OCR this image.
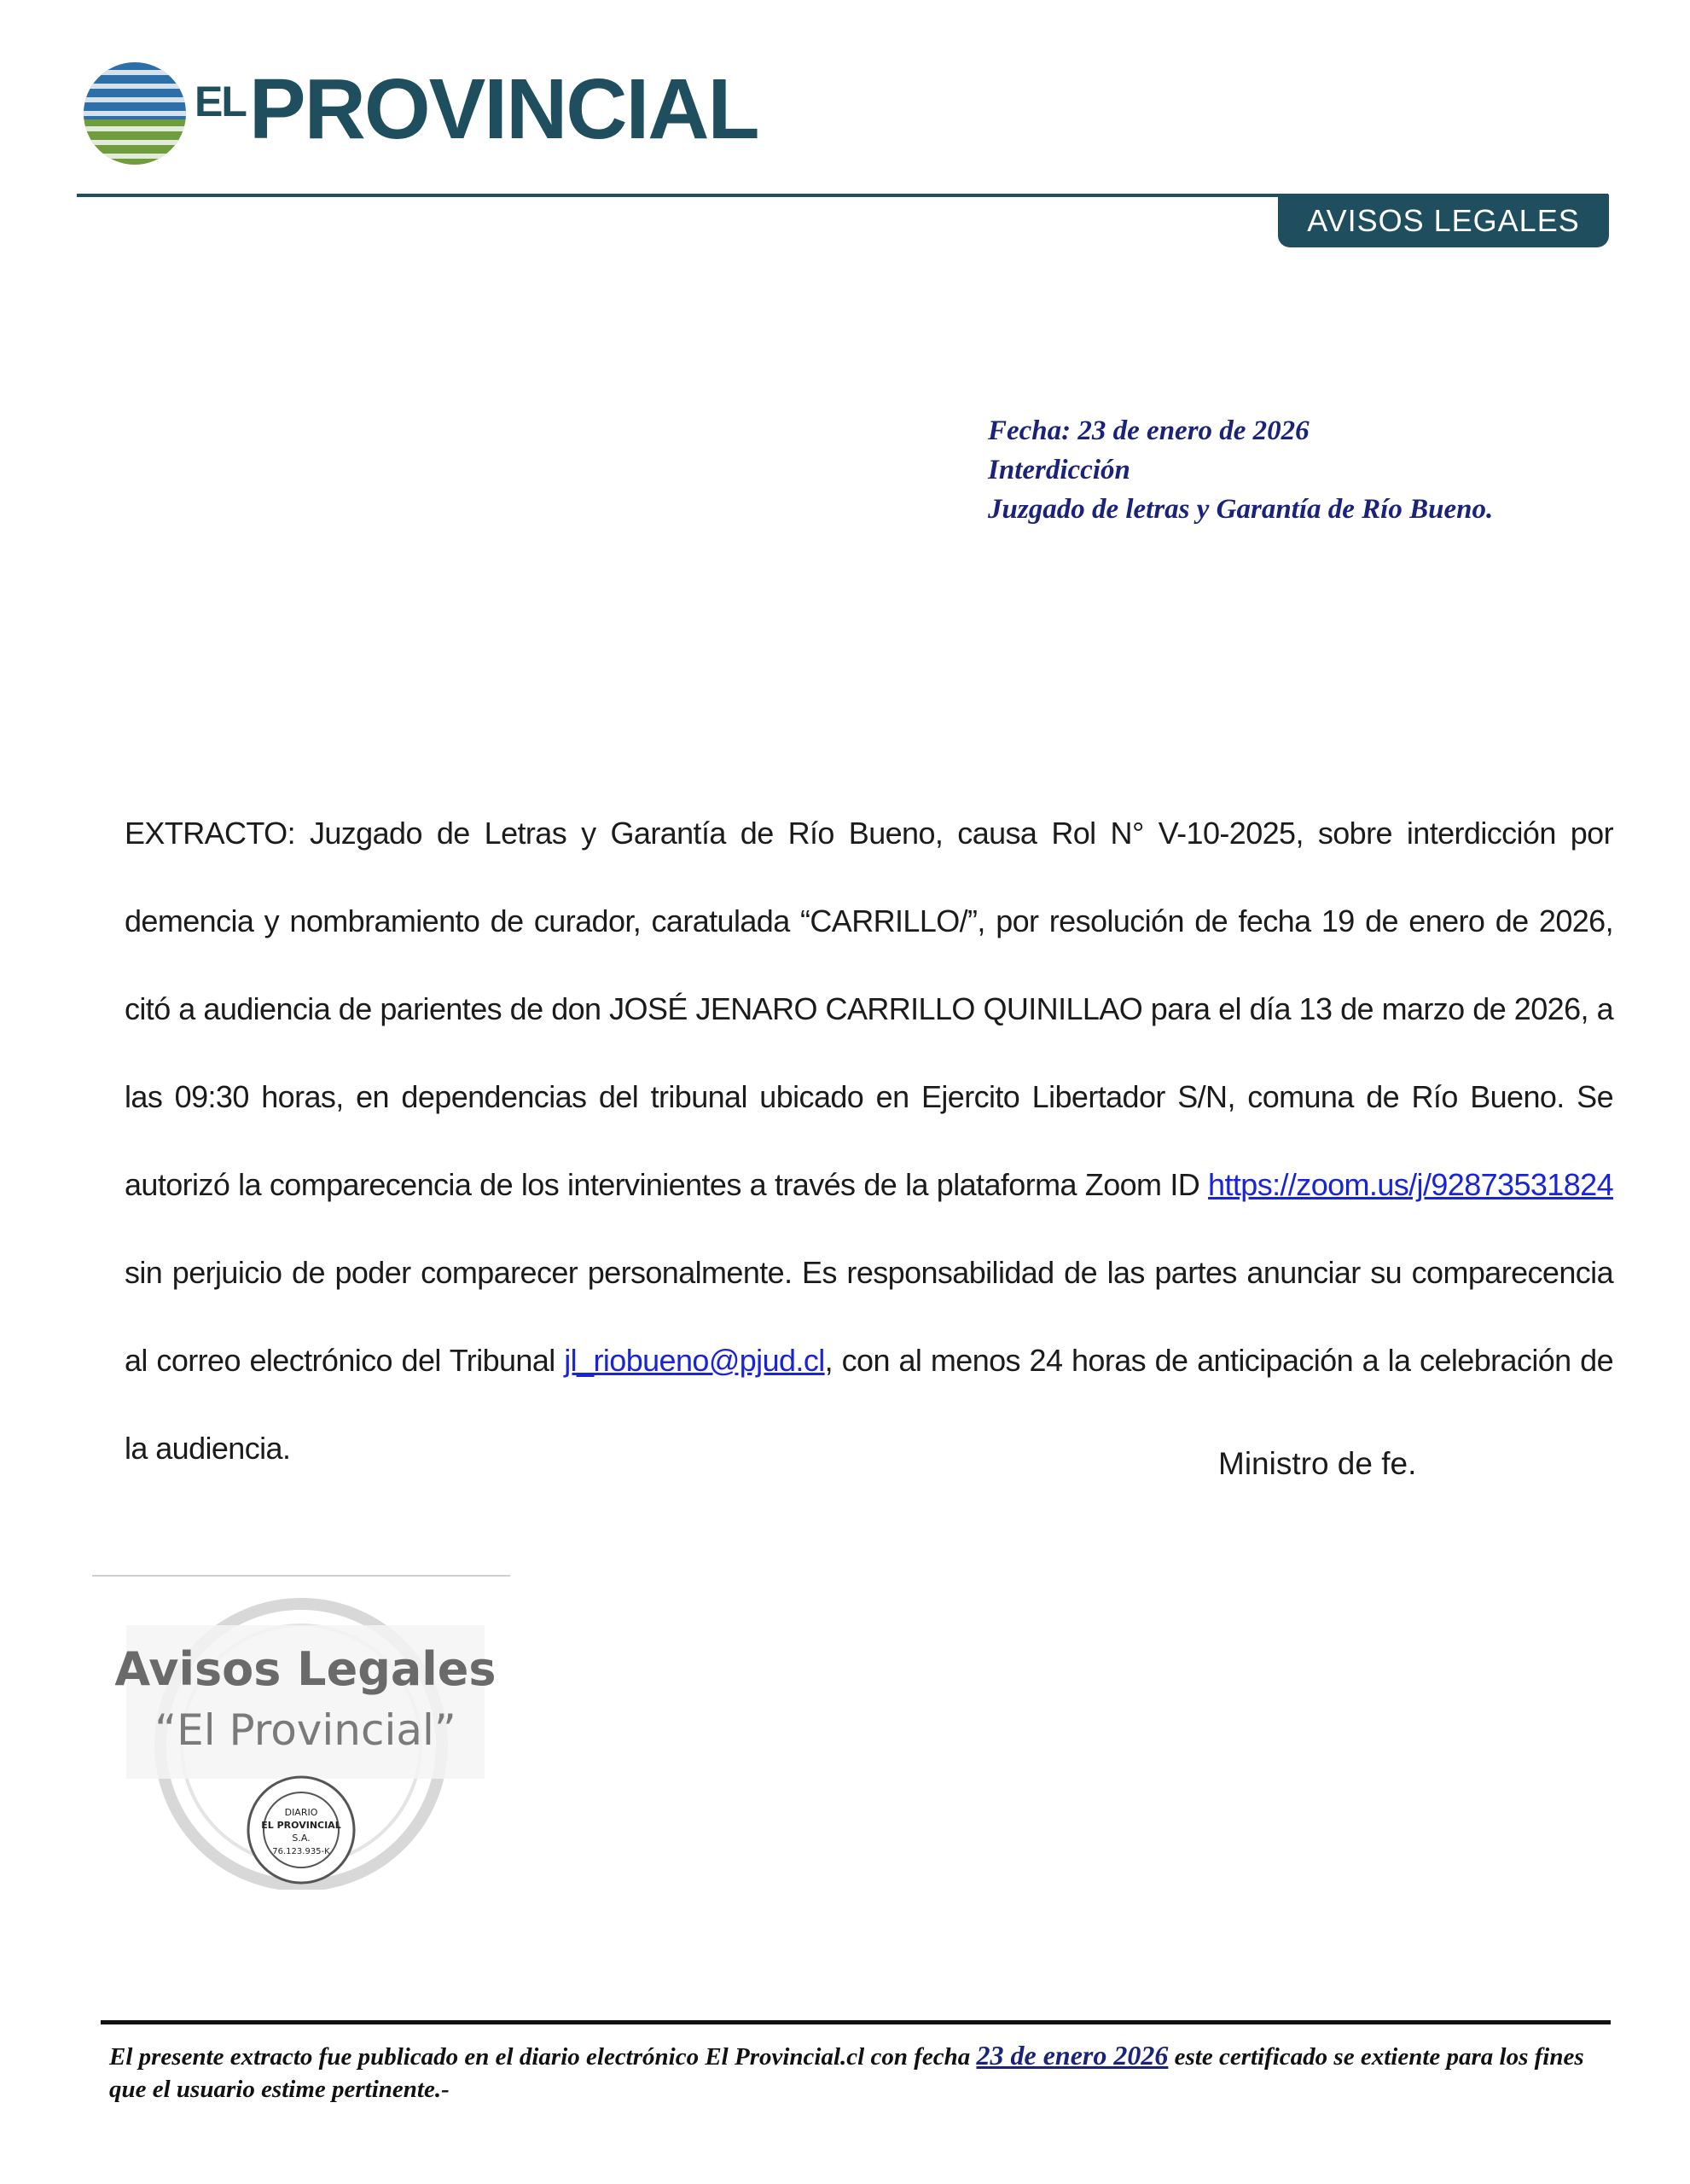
ELPROVINCIAL
AVISOS LEGALES
Fecha: 23 de enero de 2026
Interdicción
Juzgado de letras y Garantía de Río Bueno.
EXTRACTO: Juzgado de Letras y Garantía de Río Bueno, causa Rol N° V-10-2025, sobre interdicción por demencia y nombramiento de curador, caratulada “CARRILLO/”, por resolución de fecha 19 de enero de 2026, citó a audiencia de parientes de don JOSÉ JENARO CARRILLO QUINILLAO para el día 13 de marzo de 2026, a las 09:30 horas, en dependencias del tribunal ubicado en Ejercito Libertador S/N, comuna de Río Bueno. Se autorizó la comparecencia de los intervinientes a través de la plataforma Zoom ID https://zoom.us/j/92873531824 sin perjuicio de poder comparecer personalmente. Es responsabilidad de las partes anunciar su comparecencia al correo electrónico del Tribunal jl_riobueno@pjud.cl, con al menos 24 horas de anticipación a la celebración de la audiencia.	Ministro de fe.
Avisos Legales
“El Provincial”
DIARIO
EL PROVINCIAL
S.A.
76.123.935-K
El presente extracto fue publicado en el diario electrónico El Provincial.cl con fecha 23 de enero 2026 este certificado se extiente para los fines que el usuario estime pertinente.-
